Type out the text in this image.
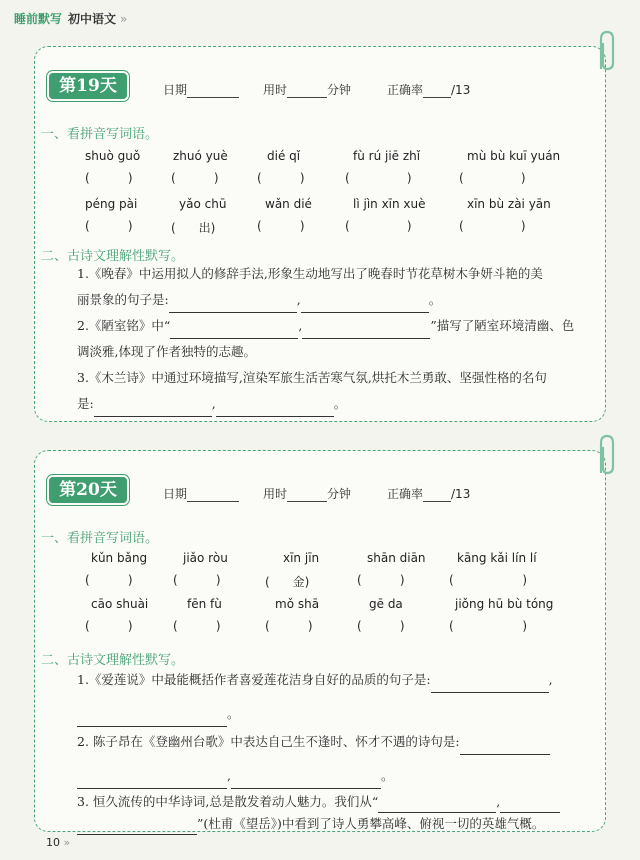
睡前默写 初中语文 »
第19天	日期	用时	分钟	正确率 /13
一、看拼音写词语。
shuò guǒ	zhuó yuè	dié qǐ	fù rú jiē zhǐ	mù bù kuī yuán
(          )	(          )	(          )	(               )	(               )
péng pài	yǎo chū	wǎn dié	lì jìn xīn xuè	xīn bù zài yān
(          )	(      出)	(          )	(               )	(               )
二、古诗文理解性默写。
1.《晚春》中运用拟人的修辞手法,形象生动地写出了晚春时节花草树木争妍斗艳的美
丽景象的句子是:	,	。
2.《陋室铭》中“	,	”描写了陋室环境清幽、色
调淡雅,体现了作者独特的志趣。
3.《木兰诗》中通过环境描写,渲染军旅生活苦寒气氛,烘托木兰勇敢、坚强性格的名句
是:	,	。
第20天	日期	用时	分钟	正确率 /13
一、看拼音写词语。
kǔn bǎng	jiǎo ròu	xīn jīn	shān diān	kāng kǎi lín lí
(          )	(          )	(      金)	(          )	(                  )
cāo shuài	fēn fù	mǒ shā	gē da	jiǒng hū bù tóng
(          )	(          )	(          )	(          )	(                  )
二、古诗文理解性默写。
1.《爱莲说》中最能概括作者喜爱莲花洁身自好的品质的句子是:	,
。
2. 陈子昂在《登幽州台歌》中表达自己生不逢时、怀才不遇的诗句是:
,	。
3. 恒久流传的中华诗词,总是散发着动人魅力。我们从“	,
”(杜甫《望岳》)中看到了诗人勇攀高峰、俯视一切的英雄气概。
10 »
